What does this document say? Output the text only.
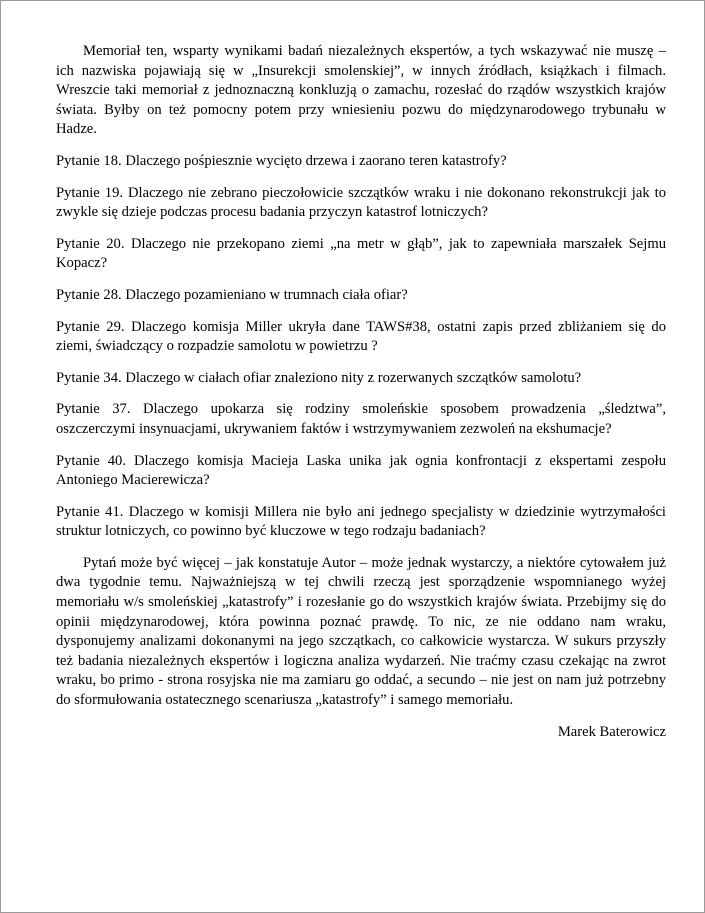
Memoriał ten, wsparty wynikami badań niezależnych ekspertów, a tych wskazywać nie muszę – ich nazwiska pojawiają się w „Insurekcji smolenskiej”, w innych źródłach, książkach i filmach. Wreszcie taki memoriał z jednoznaczną konkluzją o zamachu, rozesłać do rządów wszystkich krajów świata. Byłby on też pomocny potem przy wniesieniu pozwu do międzynarodowego trybunału w Hadze.

Pytanie 18. Dlaczego pośpiesznie wycięto drzewa i zaorano teren katastrofy?

Pytanie 19. Dlaczego nie zebrano pieczołowicie szczątków wraku i nie dokonano rekonstrukcji jak to zwykle się dzieje podczas procesu badania przyczyn katastrof lotniczych?

Pytanie 20. Dlaczego nie przekopano ziemi „na metr w głąb”, jak to zapewniała marszałek Sejmu Kopacz?

Pytanie 28. Dlaczego pozamieniano w trumnach ciała ofiar?

Pytanie 29. Dlaczego komisja Miller ukryła dane TAWS#38, ostatni zapis przed zbliżaniem się do ziemi, świadczący o rozpadzie samolotu w powietrzu ?

Pytanie 34. Dlaczego w ciałach ofiar znaleziono nity z rozerwanych szczątków samolotu?

Pytanie 37. Dlaczego upokarza się rodziny smoleńskie sposobem prowadzenia „śledztwa”, oszczerczymi insynuacjami, ukrywaniem faktów i wstrzymywaniem zezwoleń na ekshumacje?

Pytanie 40. Dlaczego komisja Macieja Laska unika jak ognia konfrontacji z ekspertami zespołu Antoniego Macierewicza?

Pytanie 41. Dlaczego w komisji Millera nie było ani jednego specjalisty w dziedzinie wytrzymałości struktur lotniczych, co powinno być kluczowe w tego rodzaju badaniach?

Pytań może być więcej – jak konstatuje Autor – może jednak wystarczy, a niektóre cytowałem już dwa tygodnie temu. Najważniejszą w tej chwili rzeczą jest sporządzenie wspomnianego wyżej memoriału w/s smoleńskiej „katastrofy” i rozesłanie go do wszystkich krajów świata. Przebijmy się do opinii międzynarodowej, która powinna poznać prawdę. To nic, ze nie oddano nam wraku, dysponujemy analizami dokonanymi na jego szczątkach, co całkowicie wystarcza. W sukurs przyszły też badania niezależnych ekspertów i logiczna analiza wydarzeń. Nie traćmy czasu czekając na zwrot wraku, bo primo - strona rosyjska nie ma zamiaru go oddać, a secundo – nie jest on nam już potrzebny do sformułowania ostatecznego scenariusza „katastrofy” i samego memoriału.

Marek Baterowicz
